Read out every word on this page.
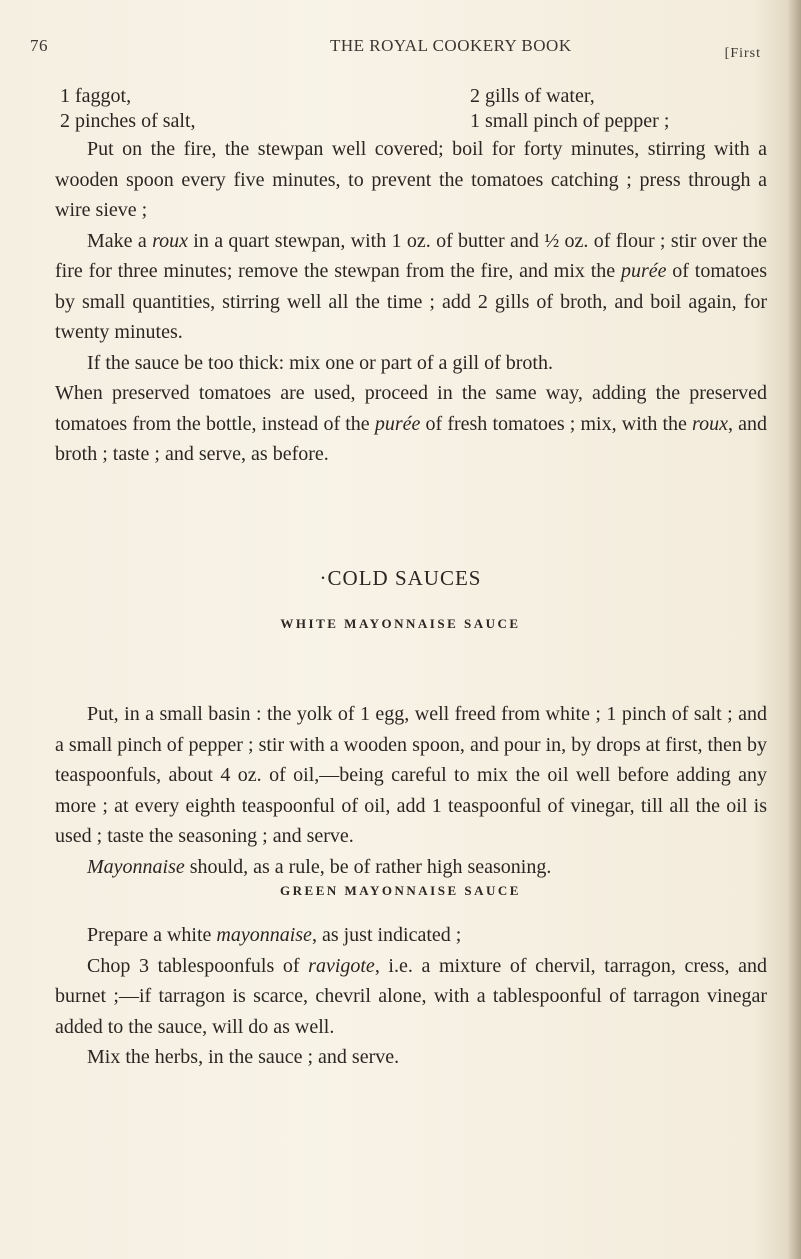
76	THE ROYAL COOKERY BOOK	[First
1 faggot,	2 gills of water,
2 pinches of salt,	1 small pinch of pepper ;

Put on the fire, the stewpan well covered; boil for forty minutes, stirring with a wooden spoon every five minutes, to prevent the tomatoes catching ; press through a wire sieve ;

Make a roux in a quart stewpan, with 1 oz. of butter and ½ oz. of flour ; stir over the fire for three minutes; remove the stewpan from the fire, and mix the purée of tomatoes by small quantities, stirring well all the time ; add 2 gills of broth, and boil again, for twenty minutes.

If the sauce be too thick: mix one or part of a gill of broth.

When preserved tomatoes are used, proceed in the same way, adding the preserved tomatoes from the bottle, instead of the purée of fresh tomatoes ; mix, with the roux, and broth ; taste ; and serve, as before.

·COLD SAUCES
WHITE MAYONNAISE SAUCE

Put, in a small basin : the yolk of 1 egg, well freed from white ; 1 pinch of salt ; and a small pinch of pepper ; stir with a wooden spoon, and pour in, by drops at first, then by teaspoonfuls, about 4 oz. of oil,—being careful to mix the oil well before adding any more ; at every eighth teaspoonful of oil, add 1 teaspoonful of vinegar, till all the oil is used ; taste the seasoning ; and serve.

Mayonnaise should, as a rule, be of rather high seasoning.

GREEN MAYONNAISE SAUCE

Prepare a white mayonnaise, as just indicated ;

Chop 3 tablespoonfuls of ravigote, i.e. a mixture of chervil, tarragon, cress, and burnet ;—if tarragon is scarce, chevril alone, with a tablespoonful of tarragon vinegar added to the sauce, will do as well.

Mix the herbs, in the sauce ; and serve.
